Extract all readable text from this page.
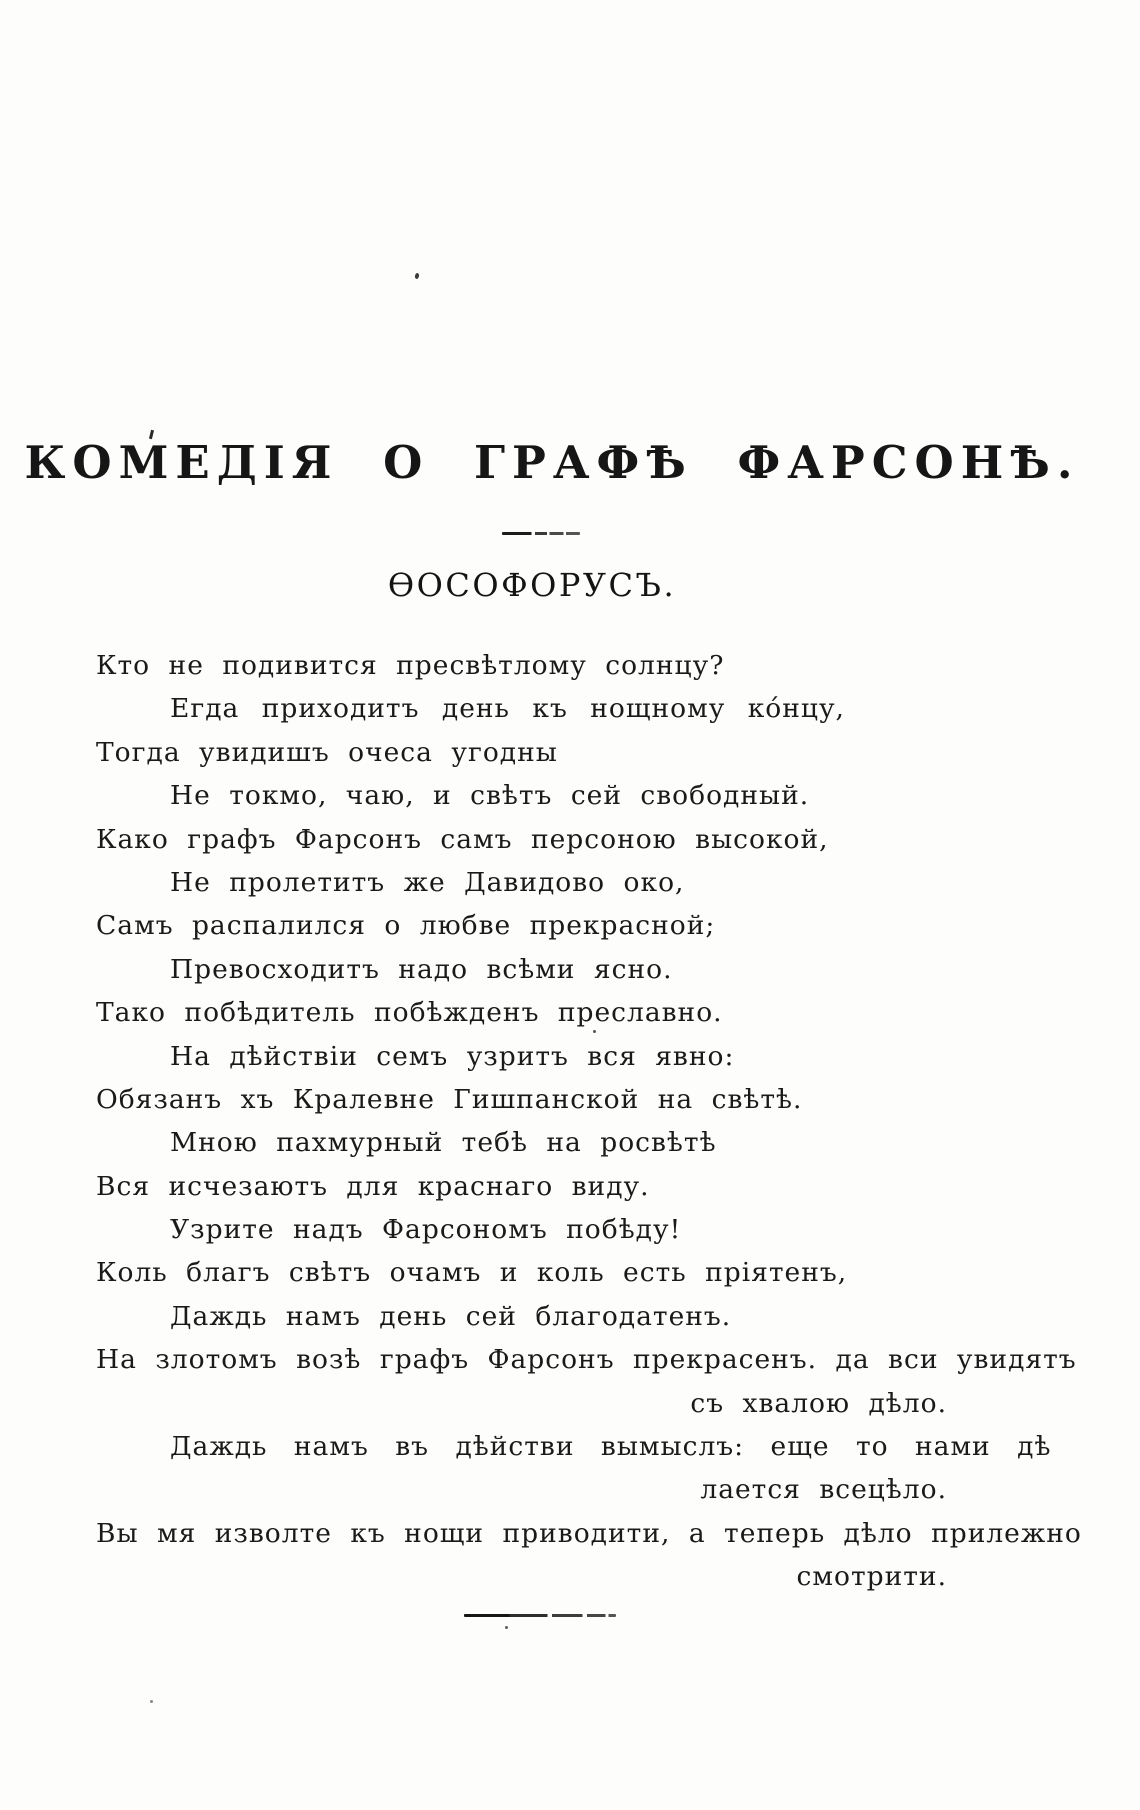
КОМЕДІЯ О ГРАФѢ ФАРСОНѢ.
ѲОСОФОРУСЪ.
Кто не подивится пресвѣтлому солнцу?
Егда приходитъ день къ нощному ко́нцу,
Тогда увидишъ очеса угодны
Не токмо, чаю, и свѣтъ сей свободный.
Како графъ Фарсонъ самъ персоною высокой,
Не пролетитъ же Давидово око,
Самъ распалился о любве прекрасной;
Превосходитъ надо всѣми ясно.
Тако побѣдитель побѣжденъ преславно.
На дѣйствіи семъ узритъ вся явно:
Обязанъ хъ Кралевне Гишпанской на свѣтѣ.
Мною пахмурный тебѣ на росвѣтѣ
Вся исчезаютъ для краснаго виду.
Узрите надъ Фарсономъ побѣду!
Коль благъ свѣтъ очамъ и коль есть пріятенъ,
Даждь намъ день сей благодатенъ.
На злотомъ возѣ графъ Фарсонъ прекрасенъ. да вси увидятъ
съ хвалою дѣло.
Даждь намъ въ дѣйстви вымыслъ: еще то нами дѣ
лается всецѣло.
Вы мя изволте къ нощи приводити, а теперь дѣло прилежно
смотрити.
